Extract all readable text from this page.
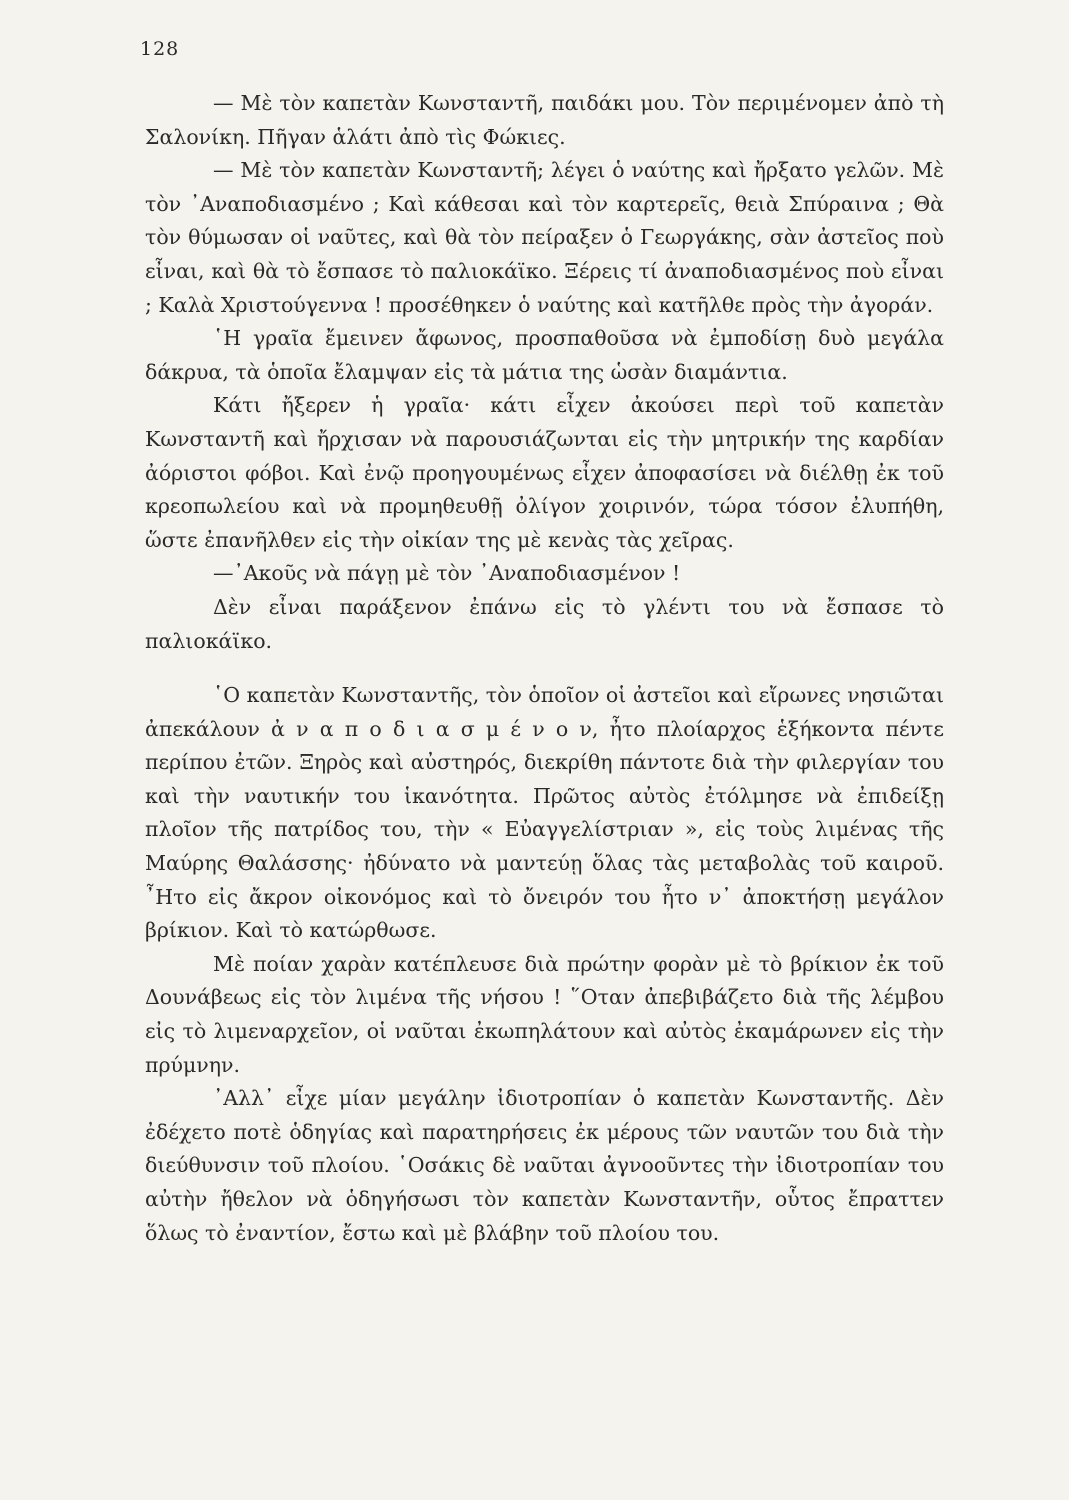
128

— Μὲ τὸν καπετὰν Κωνσταντῆ, παιδάκι μου. Τὸν περιμένομεν ἀπὸ τὴ Σαλονίκη. Πῆγαν ἁλάτι ἀπὸ τὶς Φώκιες.

— Μὲ τὸν καπετὰν Κωνσταντῆ; λέγει ὁ ναύτης καὶ ἤρξατο γελῶν. Μὲ τὸν ᾿Αναποδιασμένο ; Καὶ κάθεσαι καὶ τὸν καρτερεῖς, θειὰ Σπύραινα ; Θὰ τὸν θύμωσαν οἱ ναῦτες, καὶ θὰ τὸν πείραξεν ὁ Γεωργάκης, σὰν ἀστεῖος ποὺ εἶναι, καὶ θὰ τὸ ἔσπασε τὸ παλιοκάϊκο. Ξέρεις τί ἀναποδιασμένος ποὺ εἶναι ; Καλὰ Χριστούγεννα ! προσέθηκεν ὁ ναύτης καὶ κατῆλθε πρὸς τὴν ἀγοράν.

῾Η γραῖα ἔμεινεν ἄφωνος, προσπαθοῦσα νὰ ἐμποδίσῃ δυὸ μεγάλα δάκρυα, τὰ ὁποῖα ἔλαμψαν εἰς τὰ μάτια της ὡσὰν διαμάντια.

Κάτι ἤξερεν ἡ γραῖα· κάτι εἶχεν ἀκούσει περὶ τοῦ καπετὰν Κωνσταντῆ καὶ ἤρχισαν νὰ παρουσιάζωνται εἰς τὴν μητρικήν της καρδίαν ἀόριστοι φόβοι. Καὶ ἐνῷ προηγουμένως εἶχεν ἀποφασίσει νὰ διέλθῃ ἐκ τοῦ κρεοπωλείου καὶ νὰ προμηθευθῇ ὀλίγον χοιρινόν, τώρα τόσον ἐλυπήθη, ὥστε ἐπανῆλθεν εἰς τὴν οἰκίαν της μὲ κενὰς τὰς χεῖρας.

—᾿Ακοῦς νὰ πάγῃ μὲ τὸν ᾿Αναποδιασμένον !

Δὲν εἶναι παράξενον ἐπάνω εἰς τὸ γλέντι του νὰ ἔσπασε τὸ παλιοκάϊκο.

῾Ο καπετὰν Κωνσταντῆς, τὸν ὁποῖον οἱ ἀστεῖοι καὶ εἴρωνες νησιῶται ἀπεκάλουν ἀ ν α π ο δ ι α σ μ έ ν ο ν, ἦτο πλοίαρχος ἑξήκοντα πέντε περίπου ἐτῶν. Ξηρὸς καὶ αὐστηρός, διεκρίθη πάντοτε διὰ τὴν φιλεργίαν του καὶ τὴν ναυτικήν του ἱκανότητα. Πρῶτος αὐτὸς ἐτόλμησε νὰ ἐπιδείξῃ πλοῖον τῆς πατρίδος του, τὴν « Εὐαγγελίστριαν », εἰς τοὺς λιμένας τῆς Μαύρης Θαλάσσης· ἠδύνατο νὰ μαντεύῃ ὅλας τὰς μεταβολὰς τοῦ καιροῦ. ῏Ητο εἰς ἄκρον οἰκονόμος καὶ τὸ ὄνειρόν του ἦτο ν᾿ ἀποκτήσῃ μεγάλον βρίκιον. Καὶ τὸ κατώρθωσε.

Μὲ ποίαν χαρὰν κατέπλευσε διὰ πρώτην φορὰν μὲ τὸ βρίκιον ἐκ τοῦ Δουνάβεως εἰς τὸν λιμένα τῆς νήσου ! ῞Οταν ἀπεβιβάζετο διὰ τῆς λέμβου εἰς τὸ λιμεναρχεῖον, οἱ ναῦται ἐκωπηλάτουν καὶ αὐτὸς ἐκαμάρωνεν εἰς τὴν πρύμνην.

᾿Αλλ᾿ εἶχε μίαν μεγάλην ἰδιοτροπίαν ὁ καπετὰν Κωνσταντῆς. Δὲν ἐδέχετο ποτὲ ὁδηγίας καὶ παρατηρήσεις ἐκ μέρους τῶν ναυτῶν του διὰ τὴν διεύθυνσιν τοῦ πλοίου. ῾Οσάκις δὲ ναῦται ἀγνοοῦντες τὴν ἰδιοτροπίαν του αὐτὴν ἤθελον νὰ ὁδηγήσωσι τὸν καπετὰν Κωνσταντῆν, οὗτος ἔπραττεν ὅλως τὸ ἐναντίον, ἔστω καὶ μὲ βλάβην τοῦ πλοίου του.
